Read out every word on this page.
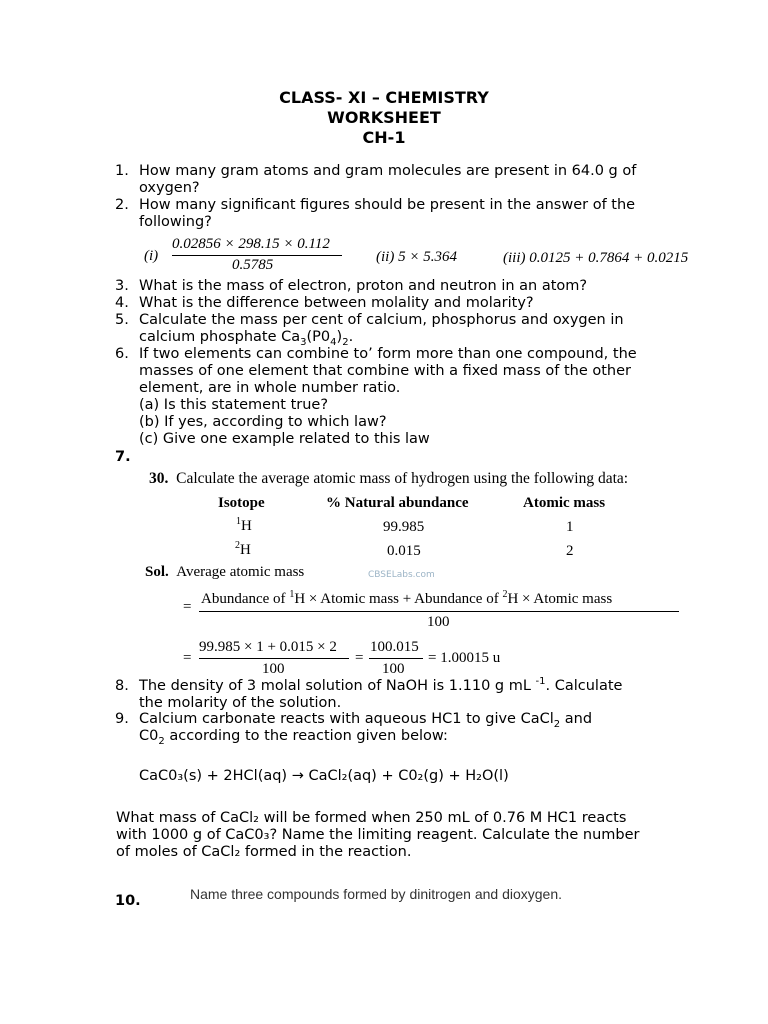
CLASS- XI – CHEMISTRY
WORKSHEET
CH-1
1. How many gram atoms and gram molecules are present in 64.0 g of oxygen?
2. How many significant figures should be present in the answer of the following?
(i)
0.02856 × 298.15 × 0.112
0.5785	(ii) 5 × 5.364	(iii) 0.0125 + 0.7864 + 0.0215
3. What is the mass of electron, proton and neutron in an atom?
4. What is the difference between molality and molarity?
5. Calculate the mass per cent of calcium, phosphorus and oxygen in
calcium phosphate $Ca_3(P0_4)_2$.
6. If two elements can combine to’ form more than one compound, the masses of one element that combine with a fixed mass of the other element, are in whole number ratio.
(a) Is this statement true?
(b) If yes, according to which law?
(c) Give one example related to this law
7.
30. Calculate the average atomic mass of hydrogen using the following data:
Isotope	% Natural abundance	Atomic mass
$^1$H	99.985	1
$^2$H	0.015	2
Sol. Average atomic mass	CBSELabs.com
= Abundance of $^1$H × Atomic mass + Abundance of $^2$H × Atomic mass
100
=
99.985 × 1 + 0.015 × 2
100
=
100.015
100
= 1.00015 u
8. The density of 3 molal solution of NaOH is 1.110 g mL $^{-1}$. Calculate
the molarity of the solution.
9. Calcium carbonate reacts with aqueous HC1 to give CaCl$_2$ and
$C0_2$ according to the reaction given below:
CaC0₃(s) + 2HCl(aq) → CaCl₂(aq) + C0₂(g) + H₂O(l)
What mass of CaCl₂ will be formed when 250 mL of 0.76 M HC1 reacts
with 1000 g of CaC0₃? Name the limiting reagent. Calculate the number
of moles of CaCl₂ formed in the reaction.
10.	Name three compounds formed by dinitrogen and dioxygen.
